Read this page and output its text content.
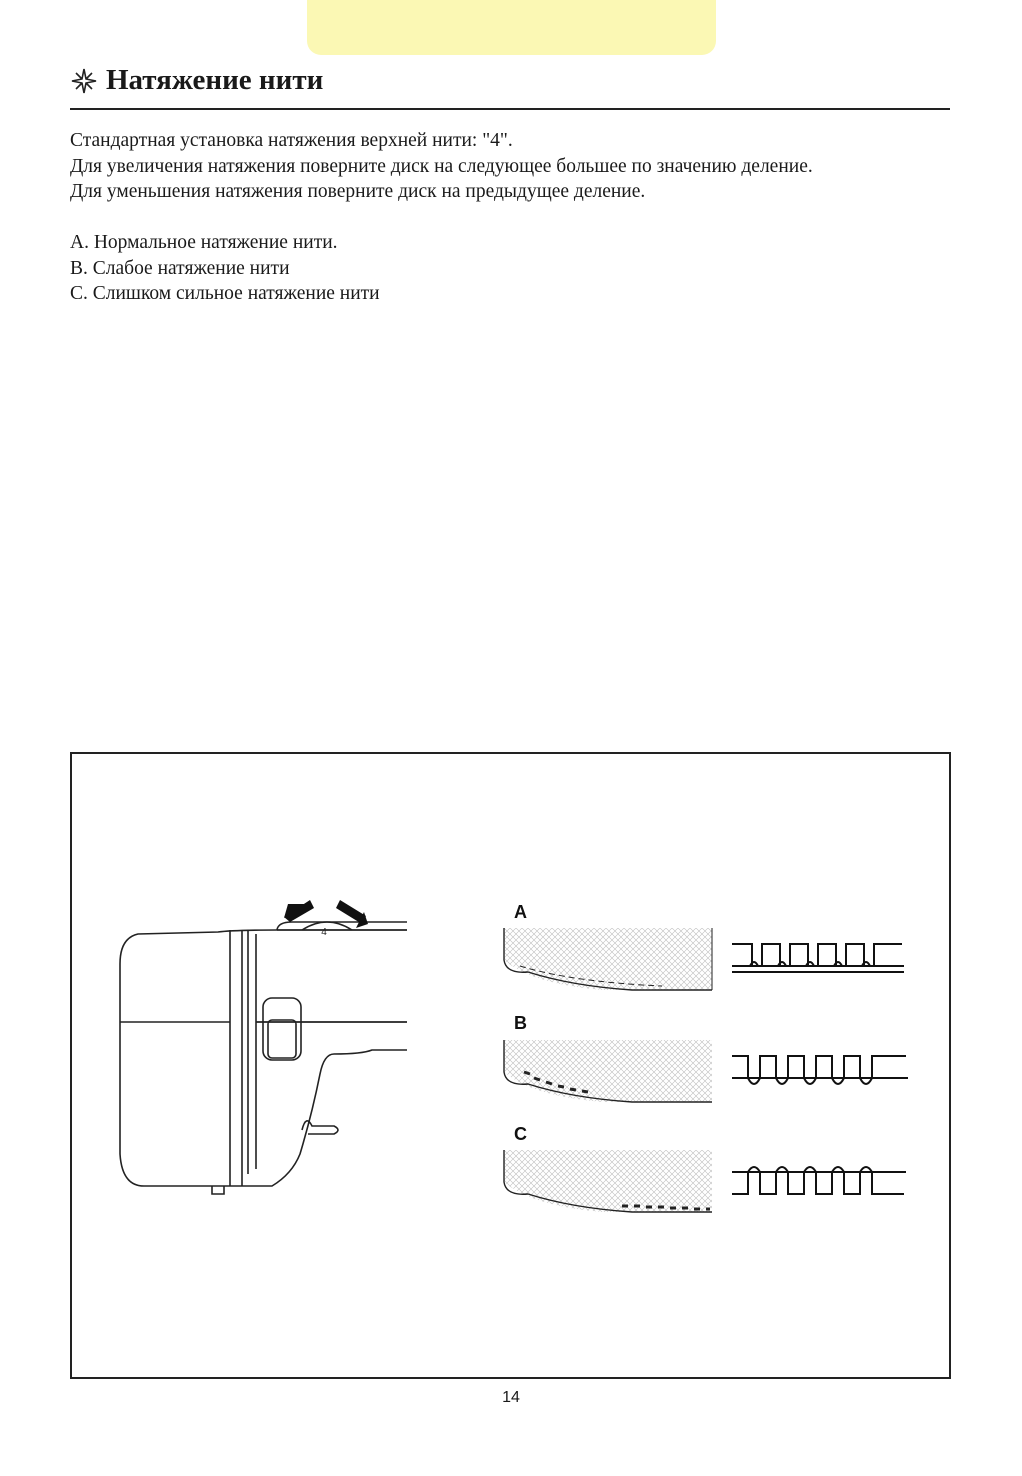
Натяжение нити

Стандартная установка натяжения верхней нити: "4".

Для увеличения натяжения поверните диск на следующее большее по значению деление.

Для уменьшения натяжения поверните диск на предыдущее деление.

A. Нормальное натяжение нити.

B. Слабое натяжение нити

C. Слишком сильное натяжение нити

4
A
B
C
14
